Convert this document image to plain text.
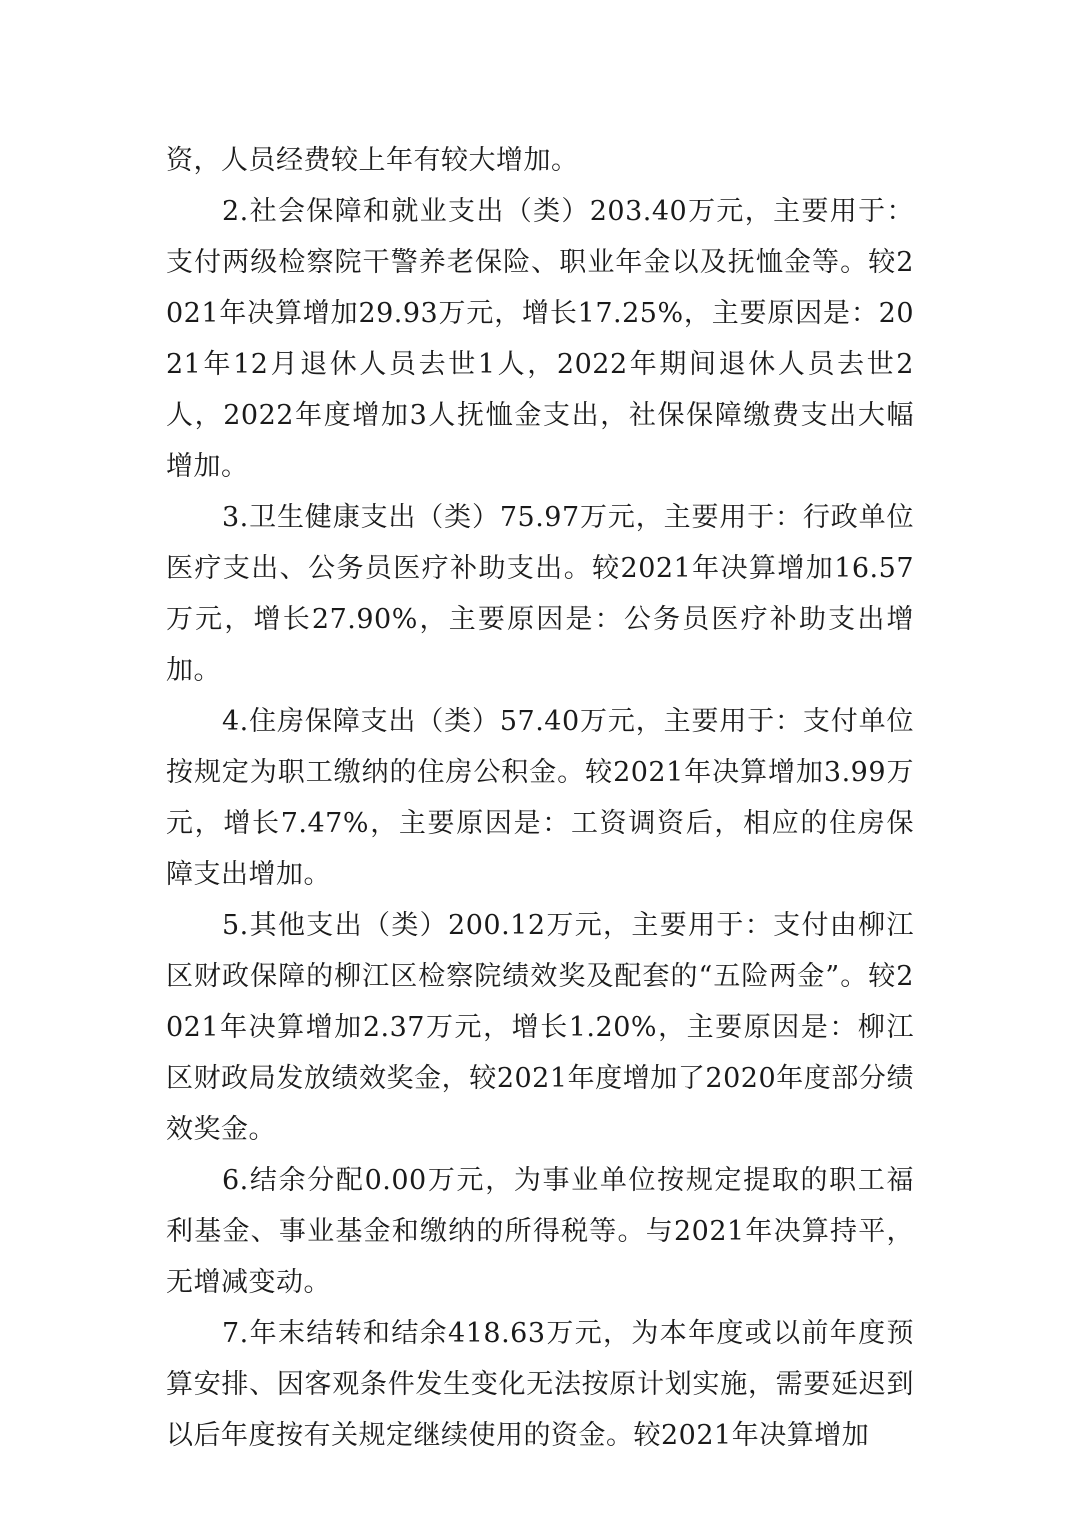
资，人员经费较上年有较大增加。

2.社会保障和就业支出（类）203.40万元，主要用于：支付两级检察院干警养老保险、职业年金以及抚恤金等。较2021年决算增加29.93万元，增长17.25%，主要原因是：2021年12月退休人员去世1人，2022年期间退休人员去世2人，2022年度增加3人抚恤金支出，社保保障缴费支出大幅增加。

3.卫生健康支出（类）75.97万元，主要用于：行政单位医疗支出、公务员医疗补助支出。较2021年决算增加16.57万元，增长27.90%，主要原因是：公务员医疗补助支出增加。

4.住房保障支出（类）57.40万元，主要用于：支付单位按规定为职工缴纳的住房公积金。较2021年决算增加3.99万元，增长7.47%，主要原因是：工资调资后，相应的住房保障支出增加。

5.其他支出（类）200.12万元，主要用于：支付由柳江区财政保障的柳江区检察院绩效奖及配套的“五险两金”。较2021年决算增加2.37万元，增长1.20%，主要原因是：柳江区财政局发放绩效奖金，较2021年度增加了2020年度部分绩效奖金。

6.结余分配0.00万元，为事业单位按规定提取的职工福利基金、事业基金和缴纳的所得税等。与2021年决算持平，无增减变动。

7.年末结转和结余418.63万元，为本年度或以前年度预算安排、因客观条件发生变化无法按原计划实施，需要延迟到以后年度按有关规定继续使用的资金。较2021年决算增加
